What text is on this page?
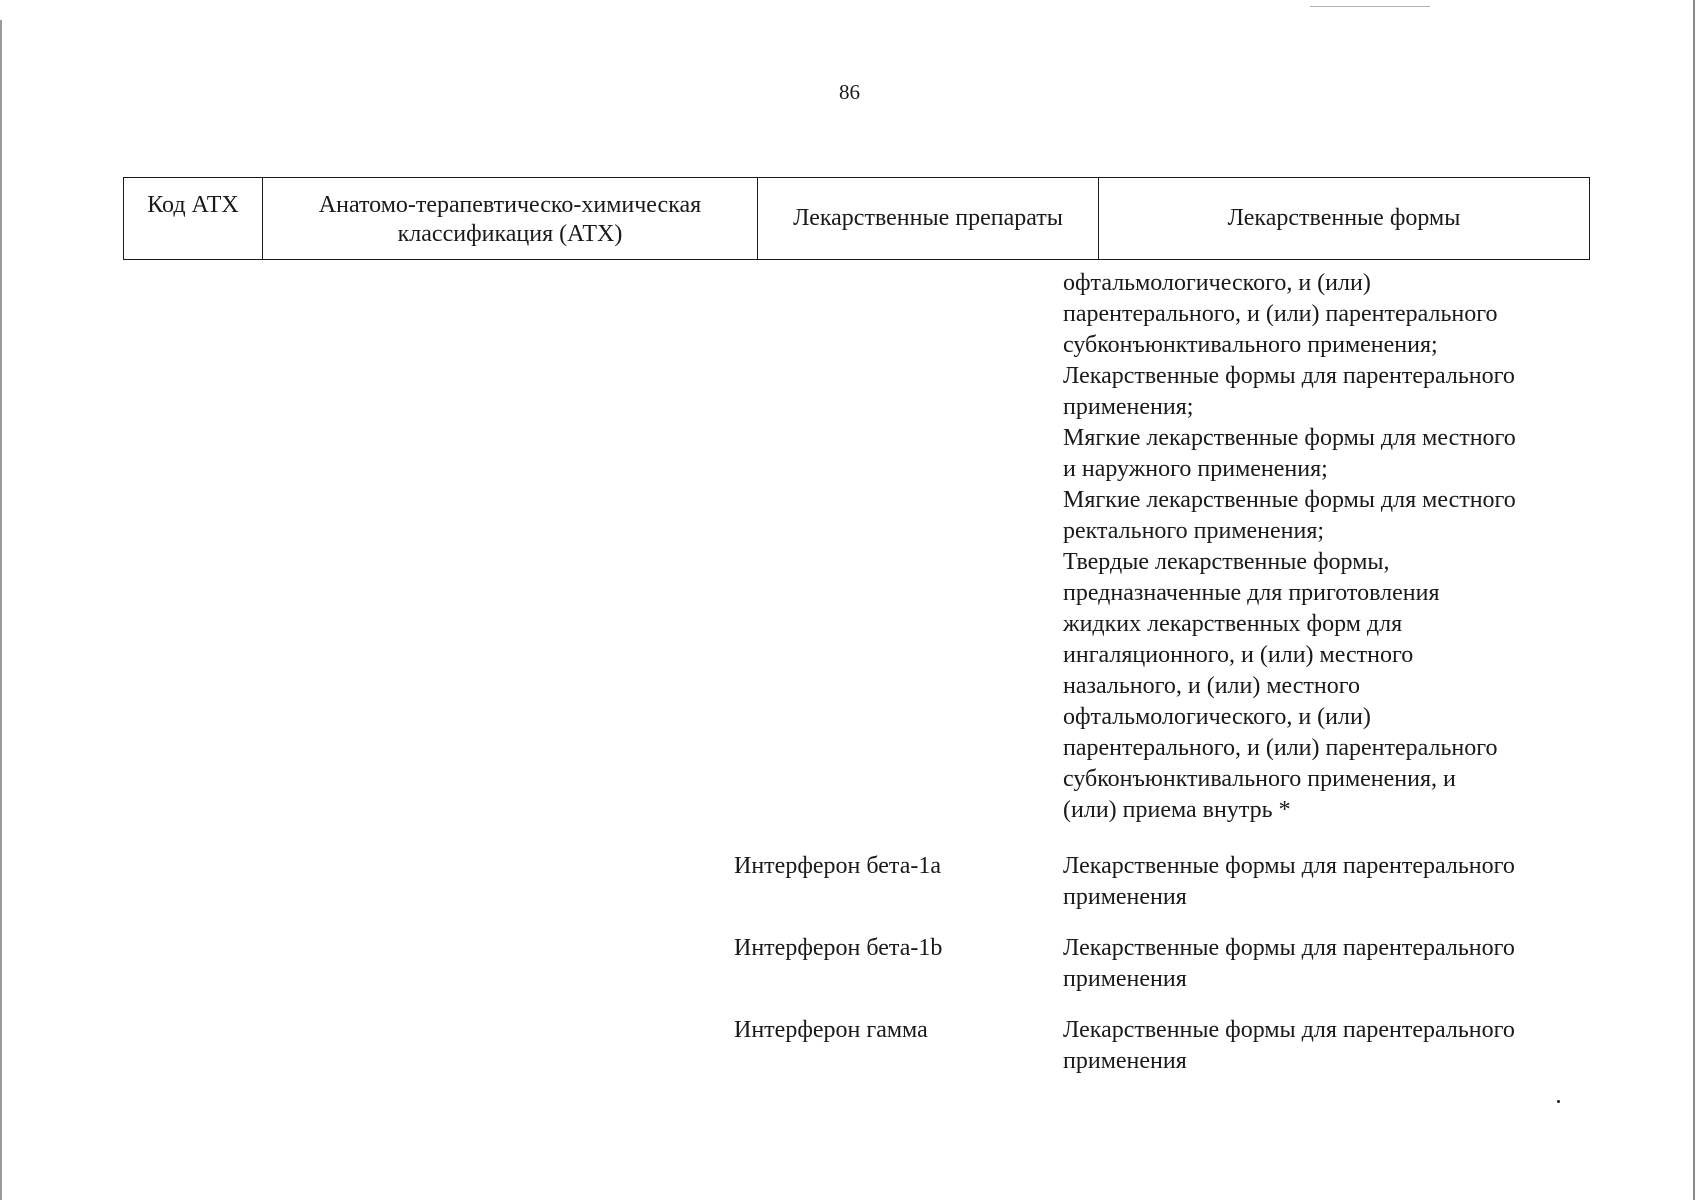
86
Код АТХ	Анатомо-терапевтическо-химическая классификация (АТХ)	Лекарственные препараты	Лекарственные формы
офтальмологического, и (или)
парентерального, и (или) парентерального
субконъюнктивального применения;
Лекарственные формы для парентерального
применения;
Мягкие лекарственные формы для местного
и наружного применения;
Мягкие лекарственные формы для местного
ректального применения;
Твердые лекарственные формы,
предназначенные для приготовления
жидких лекарственных форм для
ингаляционного, и (или) местного
назального, и (или) местного
офтальмологического, и (или)
парентерального, и (или) парентерального
субконъюнктивального применения, и
(или) приема внутрь *
Интерферон бета-1а	Лекарственные формы для парентерального
применения
Интерферон бета-1b	Лекарственные формы для парентерального
применения
Интерферон гамма	Лекарственные формы для парентерального
применения
